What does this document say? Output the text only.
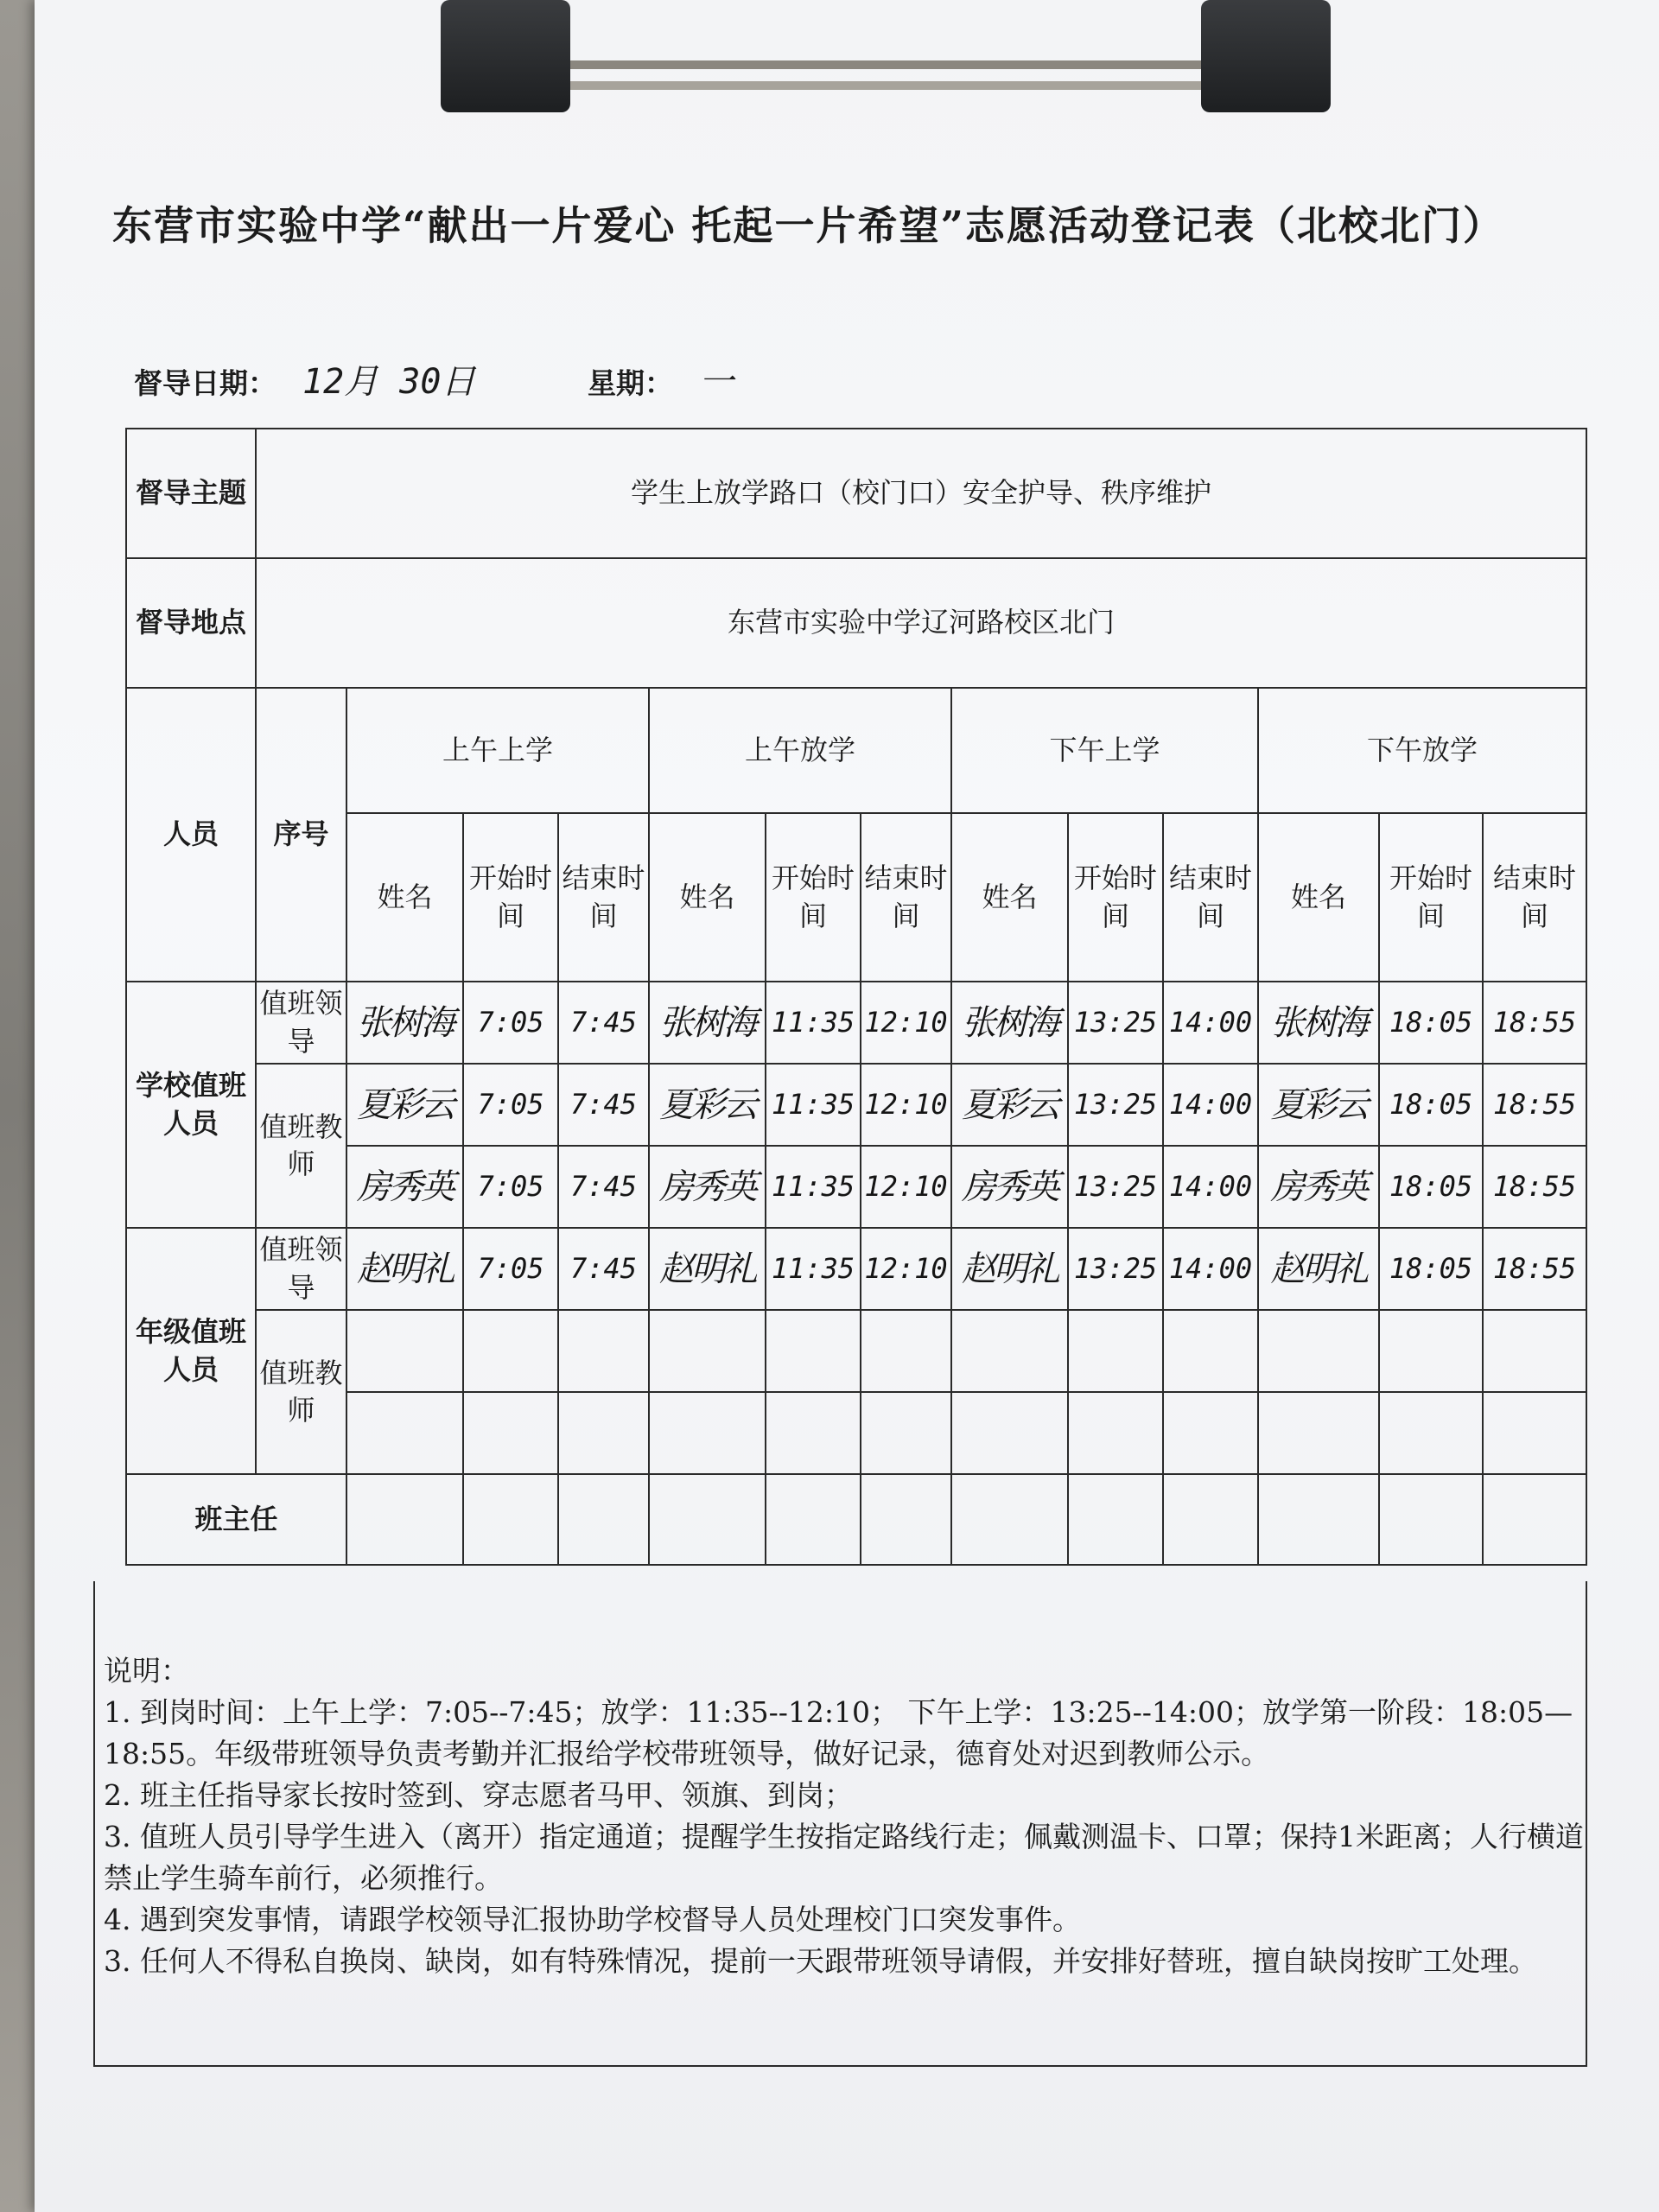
东营市实验中学“献出一片爱心 托起一片希望”志愿活动登记表（北校北门）
督导日期： 12月 30日	星期： 一
督导主题	学生上放学路口（校门口）安全护导、秩序维护												
督导地点	东营市实验中学辽河路校区北门												
人员	序号	上午上学			上午放学			下午上学			下午放学		
		姓名	开始时间	结束时间	姓名	开始时间	结束时间	姓名	开始时间	结束时间	姓名	开始时间	结束时间
学校值班人员	值班领导	张树海	7:05	7:45	张树海	11:35	12:10	张树海	13:25	14:00	张树海	18:05	18:55
	值班教师	夏彩云	7:05	7:45	夏彩云	11:35	12:10	夏彩云	13:25	14:00	夏彩云	18:05	18:55
		房秀英	7:05	7:45	房秀英	11:35	12:10	房秀英	13:25	14:00	房秀英	18:05	18:55
年级值班人员	值班领导	赵明礼	7:05	7:45	赵明礼	11:35	12:10	赵明礼	13:25	14:00	赵明礼	18:05	18:55
	值班教师												

班主任													

说明：

1. 到岗时间：上午上学：7:05--7:45；放学：11:35--12:10； 下午上学：13:25--14:00；放学第一阶段：18:05—18:55。年级带班领导负责考勤并汇报给学校带班领导，做好记录，德育处对迟到教师公示。

2. 班主任指导家长按时签到、穿志愿者马甲、领旗、到岗；

3. 值班人员引导学生进入（离开）指定通道；提醒学生按指定路线行走；佩戴测温卡、口罩；保持1米距离；人行横道禁止学生骑车前行，必须推行。

4. 遇到突发事情，请跟学校领导汇报协助学校督导人员处理校门口突发事件。

3. 任何人不得私自换岗、缺岗，如有特殊情况，提前一天跟带班领导请假，并安排好替班，擅自缺岗按旷工处理。
